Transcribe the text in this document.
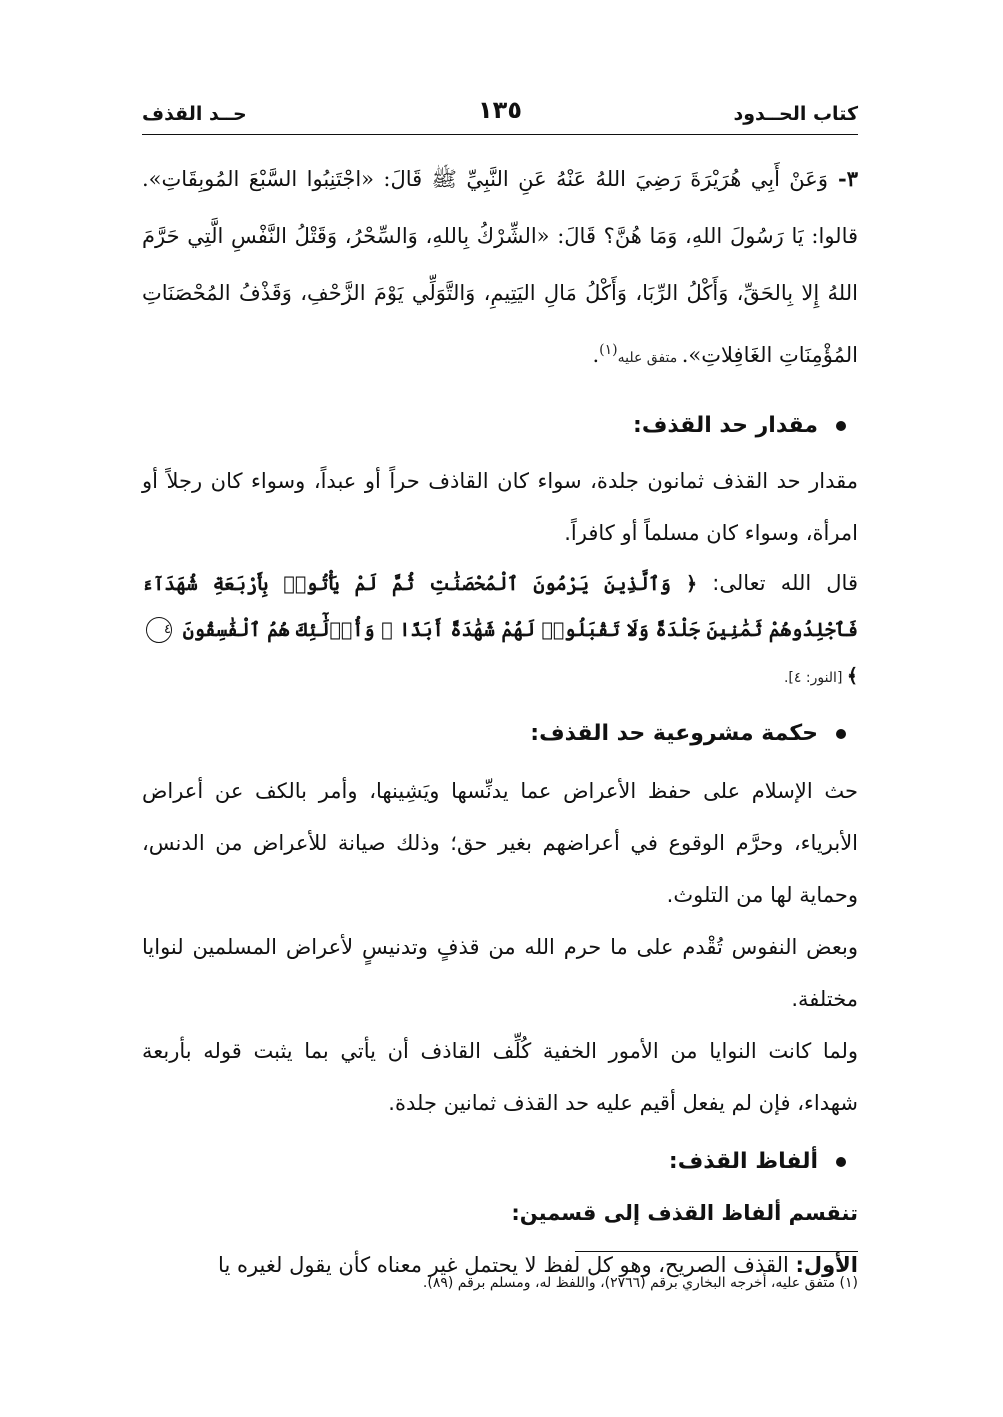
كتاب الحــدود
١٣٥
حــد القذف
٣- وَعَنْ أَبِي هُرَيْرَةَ رَضِيَ اللهُ عَنْهُ عَنِ النَّبِيِّ ﷺ قَالَ: «اجْتَنِبُوا السَّبْعَ المُوبِقَاتِ». قالوا: يَا رَسُولَ اللهِ، وَمَا هُنَّ؟ قَالَ: «الشِّرْكُ بِاللهِ، وَالسِّحْرُ، وَقَتْلُ النَّفْسِ الَّتِي حَرَّمَ اللهُ إِلا بِالحَقِّ، وَأَكْلُ الرِّبَا، وَأَكْلُ مَالِ اليَتِيمِ، وَالتَّوَلِّي يَوْمَ الزَّحْفِ، وَقَذْفُ المُحْصَنَاتِ المُؤْمِنَاتِ الغَافِلاتِ». متفق عليه$^{(١)}$.
مقدار حد القذف:
مقدار حد القذف ثمانون جلدة، سواء كان القاذف حراً أو عبداً، وسواء كان رجلاً أو امرأة، وسواء كان مسلماً أو كافراً.
قال الله تعالى: ﴿ وَٱلَّذِينَ يَرْمُونَ ٱلْمُحْصَنَٰتِ ثُمَّ لَمْ يَأْتُوا۟ بِأَرْبَعَةِ شُهَدَآءَ فَٱجْلِدُوهُمْ ثَمَٰنِينَ جَلْدَةً وَلَا تَقْبَلُوا۟ لَهُمْ شَهَٰدَةً أَبَدًا ۚ وَأُو۟لَٰٓئِكَ هُمُ ٱلْفَٰسِقُونَ ٤﴾ [النور: ٤].
حكمة مشروعية حد القذف:
حث الإسلام على حفظ الأعراض عما يدنِّسها ويَشِينها، وأمر بالكف عن أعراض الأبرياء، وحرَّم الوقوع في أعراضهم بغير حق؛ وذلك صيانة للأعراض من الدنس، وحماية لها من التلوث.
وبعض النفوس تُقْدم على ما حرم الله من قذفٍ وتدنيسٍ لأعراض المسلمين لنوايا مختلفة.
ولما كانت النوايا من الأمور الخفية كُلِّف القاذف أن يأتي بما يثبت قوله بأربعة شهداء، فإن لم يفعل أقيم عليه حد القذف ثمانين جلدة.
ألفاظ القذف:
تنقسم ألفاظ القذف إلى قسمين:
الأول: القذف الصريح، وهو كل لفظ لا يحتمل غير معناه كأن يقول لغيره يا
(١) متفق عليه، أخرجه البخاري برقم (٢٧٦٦)، واللفظ له، ومسلم برقم (٨٩).
